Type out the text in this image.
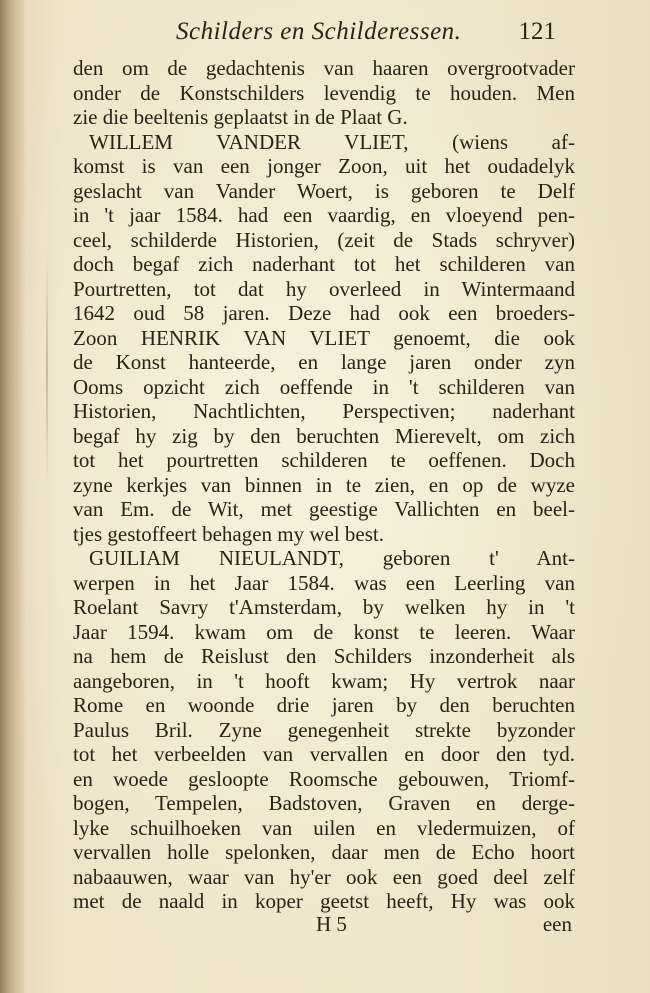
Schilders en Schilderessen. 121
den om de gedachtenis van haaren overgrootvader
onder de Konstschilders levendig te houden. Men
zie die beeltenis geplaatst in de Plaat G.
WILLEM VANDER VLIET, (wiens af-
komst is van een jonger Zoon, uit het oudadelyk
geslacht van Vander Woert, is geboren te Delf
in 't jaar 1584. had een vaardig, en vloeyend pen-
ceel, schilderde Historien, (zeit de Stads schryver)
doch begaf zich naderhant tot het schilderen van
Pourtretten, tot dat hy overleed in Wintermaand
1642 oud 58 jaren. Deze had ook een broeders-
Zoon HENRIK VAN VLIET genoemt, die ook
de Konst hanteerde, en lange jaren onder zyn
Ooms opzicht zich oeffende in 't schilderen van
Historien, Nachtlichten, Perspectiven; naderhant
begaf hy zig by den beruchten Mierevelt, om zich
tot het pourtretten schilderen te oeffenen. Doch
zyne kerkjes van binnen in te zien, en op de wyze
van Em. de Wit, met geestige Vallichten en beel-
tjes gestoffeert behagen my wel best.
GUILIAM NIEULANDT, geboren t' Ant-
werpen in het Jaar 1584. was een Leerling van
Roelant Savry t'Amsterdam, by welken hy in 't
Jaar 1594. kwam om de konst te leeren. Waar
na hem de Reislust den Schilders inzonderheit als
aangeboren, in 't hooft kwam; Hy vertrok naar
Rome en woonde drie jaren by den beruchten
Paulus Bril. Zyne genegenheit strekte byzonder
tot het verbeelden van vervallen en door den tyd.
en woede gesloopte Roomsche gebouwen, Triomf-
bogen, Tempelen, Badstoven, Graven en derge-
lyke schuilhoeken van uilen en vledermuizen, of
vervallen holle spelonken, daar men de Echo hoort
nabaauwen, waar van hy'er ook een goed deel zelf
met de naald in koper geetst heeft, Hy was ook
H 5	een
